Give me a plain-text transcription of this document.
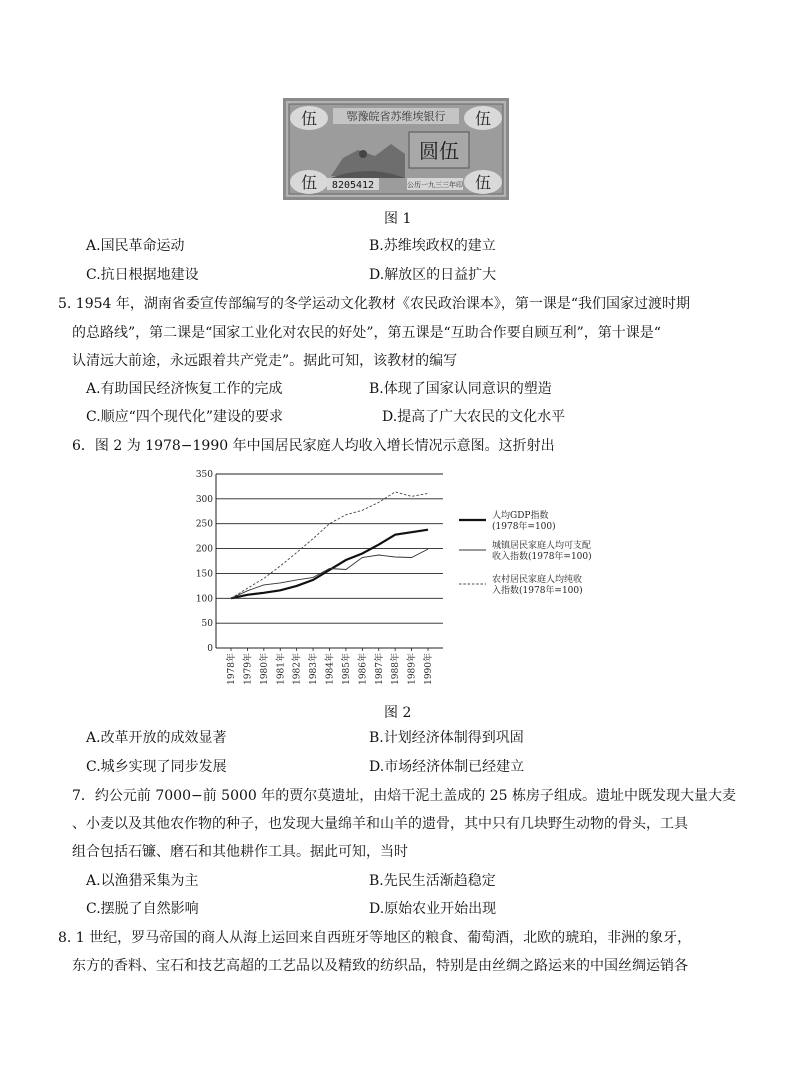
伍	伍
伍	伍
鄂豫皖省苏维埃银行
圆伍
8205412	公历一九三三年印
图 1
A.国民革命运动	B.苏维埃政权的建立
C.抗日根据地建设	D.解放区的日益扩大
5. 1954 年，湖南省委宣传部编写的冬学运动文化教材《农民政治课本》，第一课是“我们国家过渡时期
的总路线”，第二课是“国家工业化对农民的好处”，第五课是“互助合作要自顾互利”，第十课是“
认清远大前途，永远跟着共产党走”。据此可知，该教材的编写
A.有助国民经济恢复工作的完成	B.体现了国家认同意识的塑造
C.顺应“四个现代化”建设的要求	D.提高了广大农民的文化水平
6．图 2 为 1978−1990 年中国居民家庭人均收入增长情况示意图。这折射出
0
50
100
150
200
250
300
350
1978年 1979年 1980年 1981年 1982年 1983年 1984年 1985年 1986年 1987年 1988年 1989年 1990年
人均GDP指数
(1978年=100)
城镇居民家庭人均可支配
收入指数(1978年=100)
农村居民家庭人均纯收
入指数(1978年=100)
图 2
A.改革开放的成效显著	B.计划经济体制得到巩固
C.城乡实现了同步发展	D.市场经济体制已经建立
7．约公元前 7000−前 5000 年的贾尔莫遗址，由焙干泥土盖成的 25 栋房子组成。遗址中既发现大量大麦
、小麦以及其他农作物的种子，也发现大量绵羊和山羊的遗骨，其中只有几块野生动物的骨头，工具
组合包括石镰、磨石和其他耕作工具。据此可知，当时
A.以渔猎采集为主	B.先民生活渐趋稳定
C.摆脱了自然影响	D.原始农业开始出现
8. 1 世纪，罗马帝国的商人从海上运回来自西班牙等地区的粮食、葡萄酒，北欧的琥珀，非洲的象牙，
东方的香料、宝石和技艺高超的工艺品以及精致的纺织品，特别是由丝绸之路运来的中国丝绸运销各
